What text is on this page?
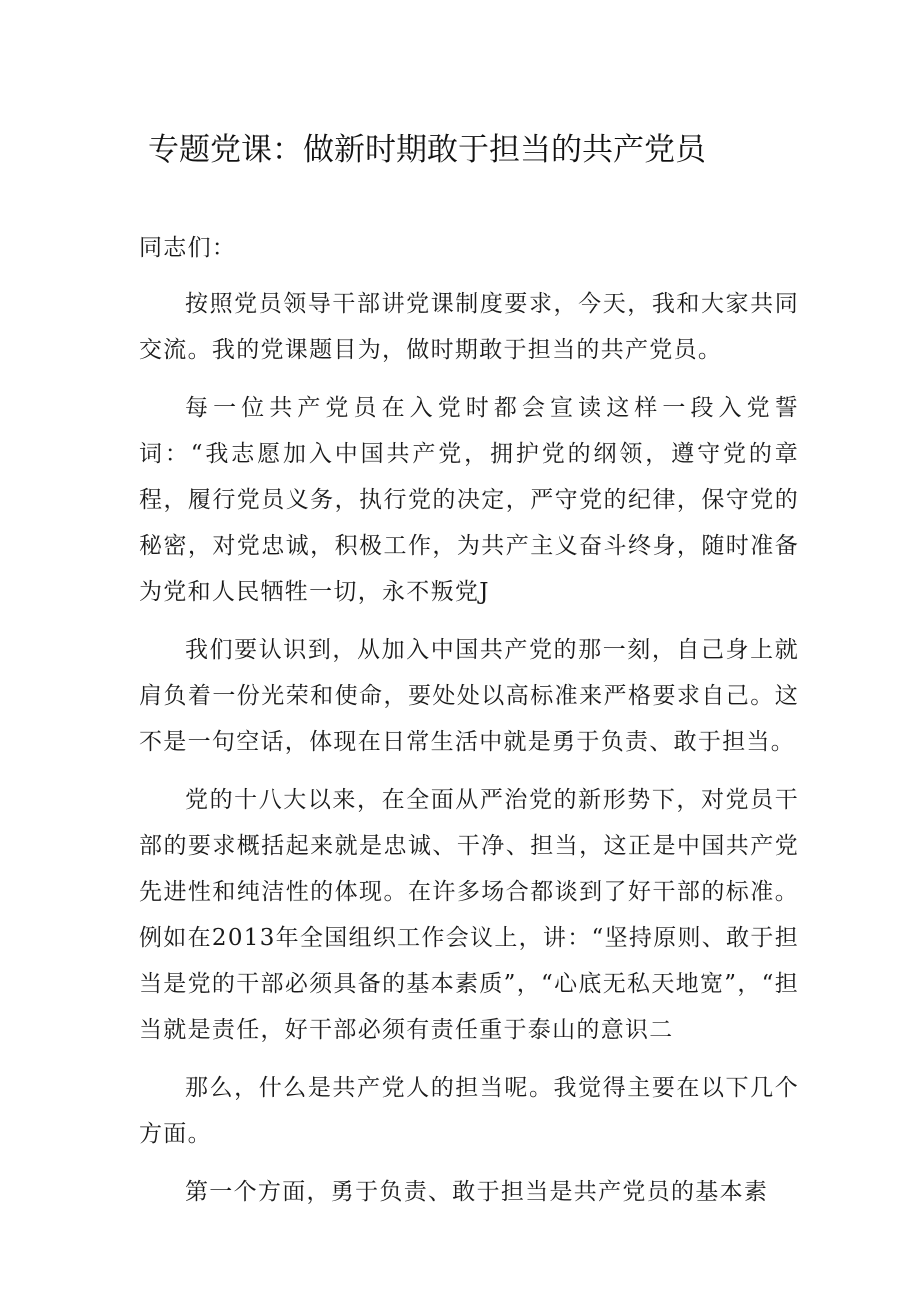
专题党课：做新时期敢于担当的共产党员

同志们：

按照党员领导干部讲党课制度要求，今天，我和大家共同交流。我的党课题目为，做时期敢于担当的共产党员。

每一位共产党员在入党时都会宣读这样一段入党誓词：“我志愿加入中国共产党，拥护党的纲领，遵守党的章程，履行党员义务，执行党的决定，严守党的纪律，保守党的秘密，对党忠诚，积极工作，为共产主义奋斗终身，随时准备为党和人民牺牲一切，永不叛党J

我们要认识到，从加入中国共产党的那一刻，自己身上就肩负着一份光荣和使命，要处处以高标准来严格要求自己。这不是一句空话，体现在日常生活中就是勇于负责、敢于担当。

党的十八大以来，在全面从严治党的新形势下，对党员干部的要求概括起来就是忠诚、干净、担当，这正是中国共产党先进性和纯洁性的体现。在许多场合都谈到了好干部的标准。例如在2013年全国组织工作会议上，讲：“坚持原则、敢于担当是党的干部必须具备的基本素质”，“心底无私天地宽”，“担当就是责任，好干部必须有责任重于泰山的意识二

那么，什么是共产党人的担当呢。我觉得主要在以下几个方面。

第一个方面，勇于负责、敢于担当是共产党员的基本素
